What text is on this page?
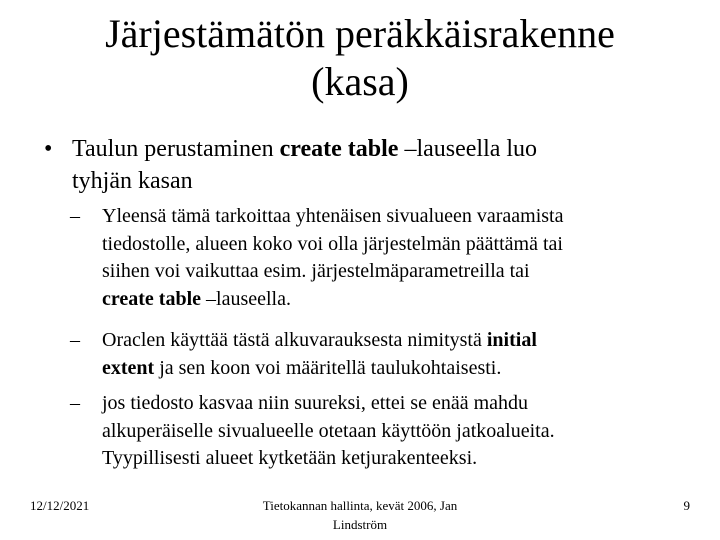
Järjestämätön peräkkäisrakenne
(kasa)
• Taulun perustaminen create table –lauseella luo
tyhjän kasan
– Yleensä tämä tarkoittaa yhtenäisen sivualueen varaamista
tiedostolle, alueen koko voi olla järjestelmän päättämä tai
siihen voi vaikuttaa esim. järjestelmäparametreilla tai
create table –lauseella.
– Oraclen käyttää tästä alkuvarauksesta nimitystä initial
extent ja sen koon voi määritellä taulukohtaisesti.
– jos tiedosto kasvaa niin suureksi, ettei se enää mahdu
alkuperäiselle sivualueelle otetaan käyttöön jatkoalueita.
Tyypillisesti alueet kytketään ketjurakenteeksi.
12/12/2021	Tietokannan hallinta, kevät 2006, Jan
Lindström
9
